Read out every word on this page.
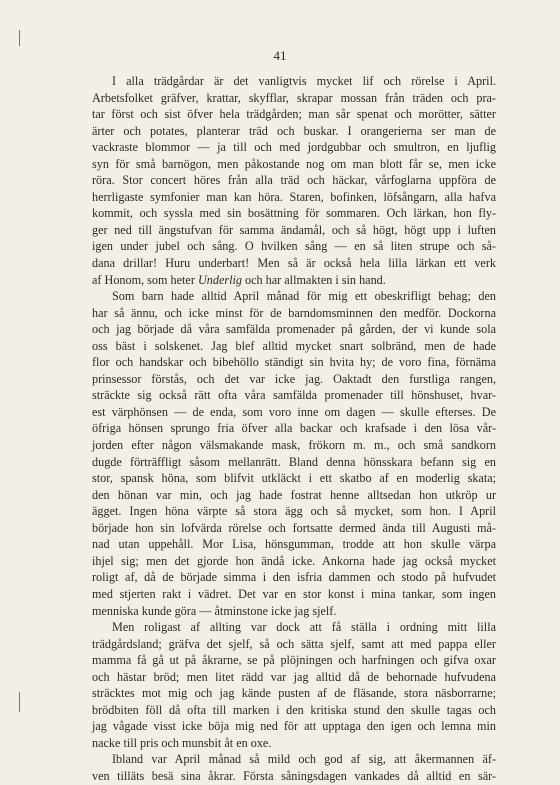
41
I alla trädgårdar är det vanligtvis mycket lif och rörelse i April.
Arbetsfolket gräfver, krattar, skyfflar, skrapar mossan från träden och pra-
tar först och sist öfver hela trädgården; man sår spenat och morötter, sätter
ärter och potates, planterar träd och buskar. I orangerierna ser man de
vackraste blommor — ja till och med jordgubbar och smultron, en ljuflig
syn för små barnögon, men påkostande nog om man blott får se, men icke
röra. Stor concert höres från alla träd och häckar, vårfoglarna uppföra de
herrligaste symfonier man kan höra. Staren, bofinken, löfsångarn, alla hafva
kommit, och syssla med sin bosättning för sommaren. Och lärkan, hon fly-
ger ned till ängstufvan för samma ändamål, och så högt, högt upp i luften
igen under jubel och sång. O hvilken sång — en så liten strupe och så-
dana drillar! Huru underbart! Men så är också hela lilla lärkan ett verk
af Honom, som heter Underlig och har allmakten i sin hand.
Som barn hade alltid April månad för mig ett obeskrifligt behag; den
har så ännu, och icke minst för de barndomsminnen den medför. Dockorna
och jag började då våra samfälda promenader på gården, der vi kunde sola
oss bäst i solskenet. Jag blef alltid mycket snart solbränd, men de hade
flor och handskar och bibehöllo ständigt sin hvita hy; de voro fina, förnäma
prinsessor förstås, och det var icke jag. Oaktadt den furstliga rangen,
sträckte sig också rätt ofta våra samfälda promenader till hönshuset, hvar-
est värphönsen — de enda, som voro inne om dagen — skulle efterses. De
öfriga hönsen sprungo fria öfver alla backar och krafsade i den lösa vår-
jorden efter någon välsmakande mask, frökorn m. m., och små sandkorn
dugde förträffligt såsom mellanrätt. Bland denna hönsskara befann sig en
stor, spansk höna, som blifvit utkläckt i ett skatbo af en moderlig skata;
den hönan var min, och jag hade fostrat henne alltsedan hon utkröp ur
ägget. Ingen höna värpte så stora ägg och så mycket, som hon. I April
började hon sin lofvärda rörelse och fortsatte dermed ända till Augusti må-
nad utan uppehåll. Mor Lisa, hönsgumman, trodde att hon skulle värpa
ihjel sig; men det gjorde hon ändå icke. Ankorna hade jag också mycket
roligt af, då de började simma i den isfria dammen och stodo på hufvudet
med stjerten rakt i vädret. Det var en stor konst i mina tankar, som ingen
menniska kunde göra — åtminstone icke jag sjelf.
Men roligast af allting var dock att få ställa i ordning mitt lilla
trädgårdsland; gräfva det sjelf, så och sätta sjelf, samt att med pappa eller
mamma få gå ut på åkrarne, se på plöjningen och harfningen och gifva oxar
och hästar bröd; men litet rädd var jag alltid då de behornade hufvudena
sträcktes mot mig och jag kände pusten af de fläsande, stora näsborrarne;
brödbiten föll då ofta till marken i den kritiska stund den skulle tagas och
jag vågade visst icke böja mig ned för att upptaga den igen och lemna min
nacke till pris och munsbit åt en oxe.
Ibland var April månad så mild och god af sig, att åkermannen äf-
ven tilläts besä sina åkrar. Första såningsdagen vankades då alltid en sär-
